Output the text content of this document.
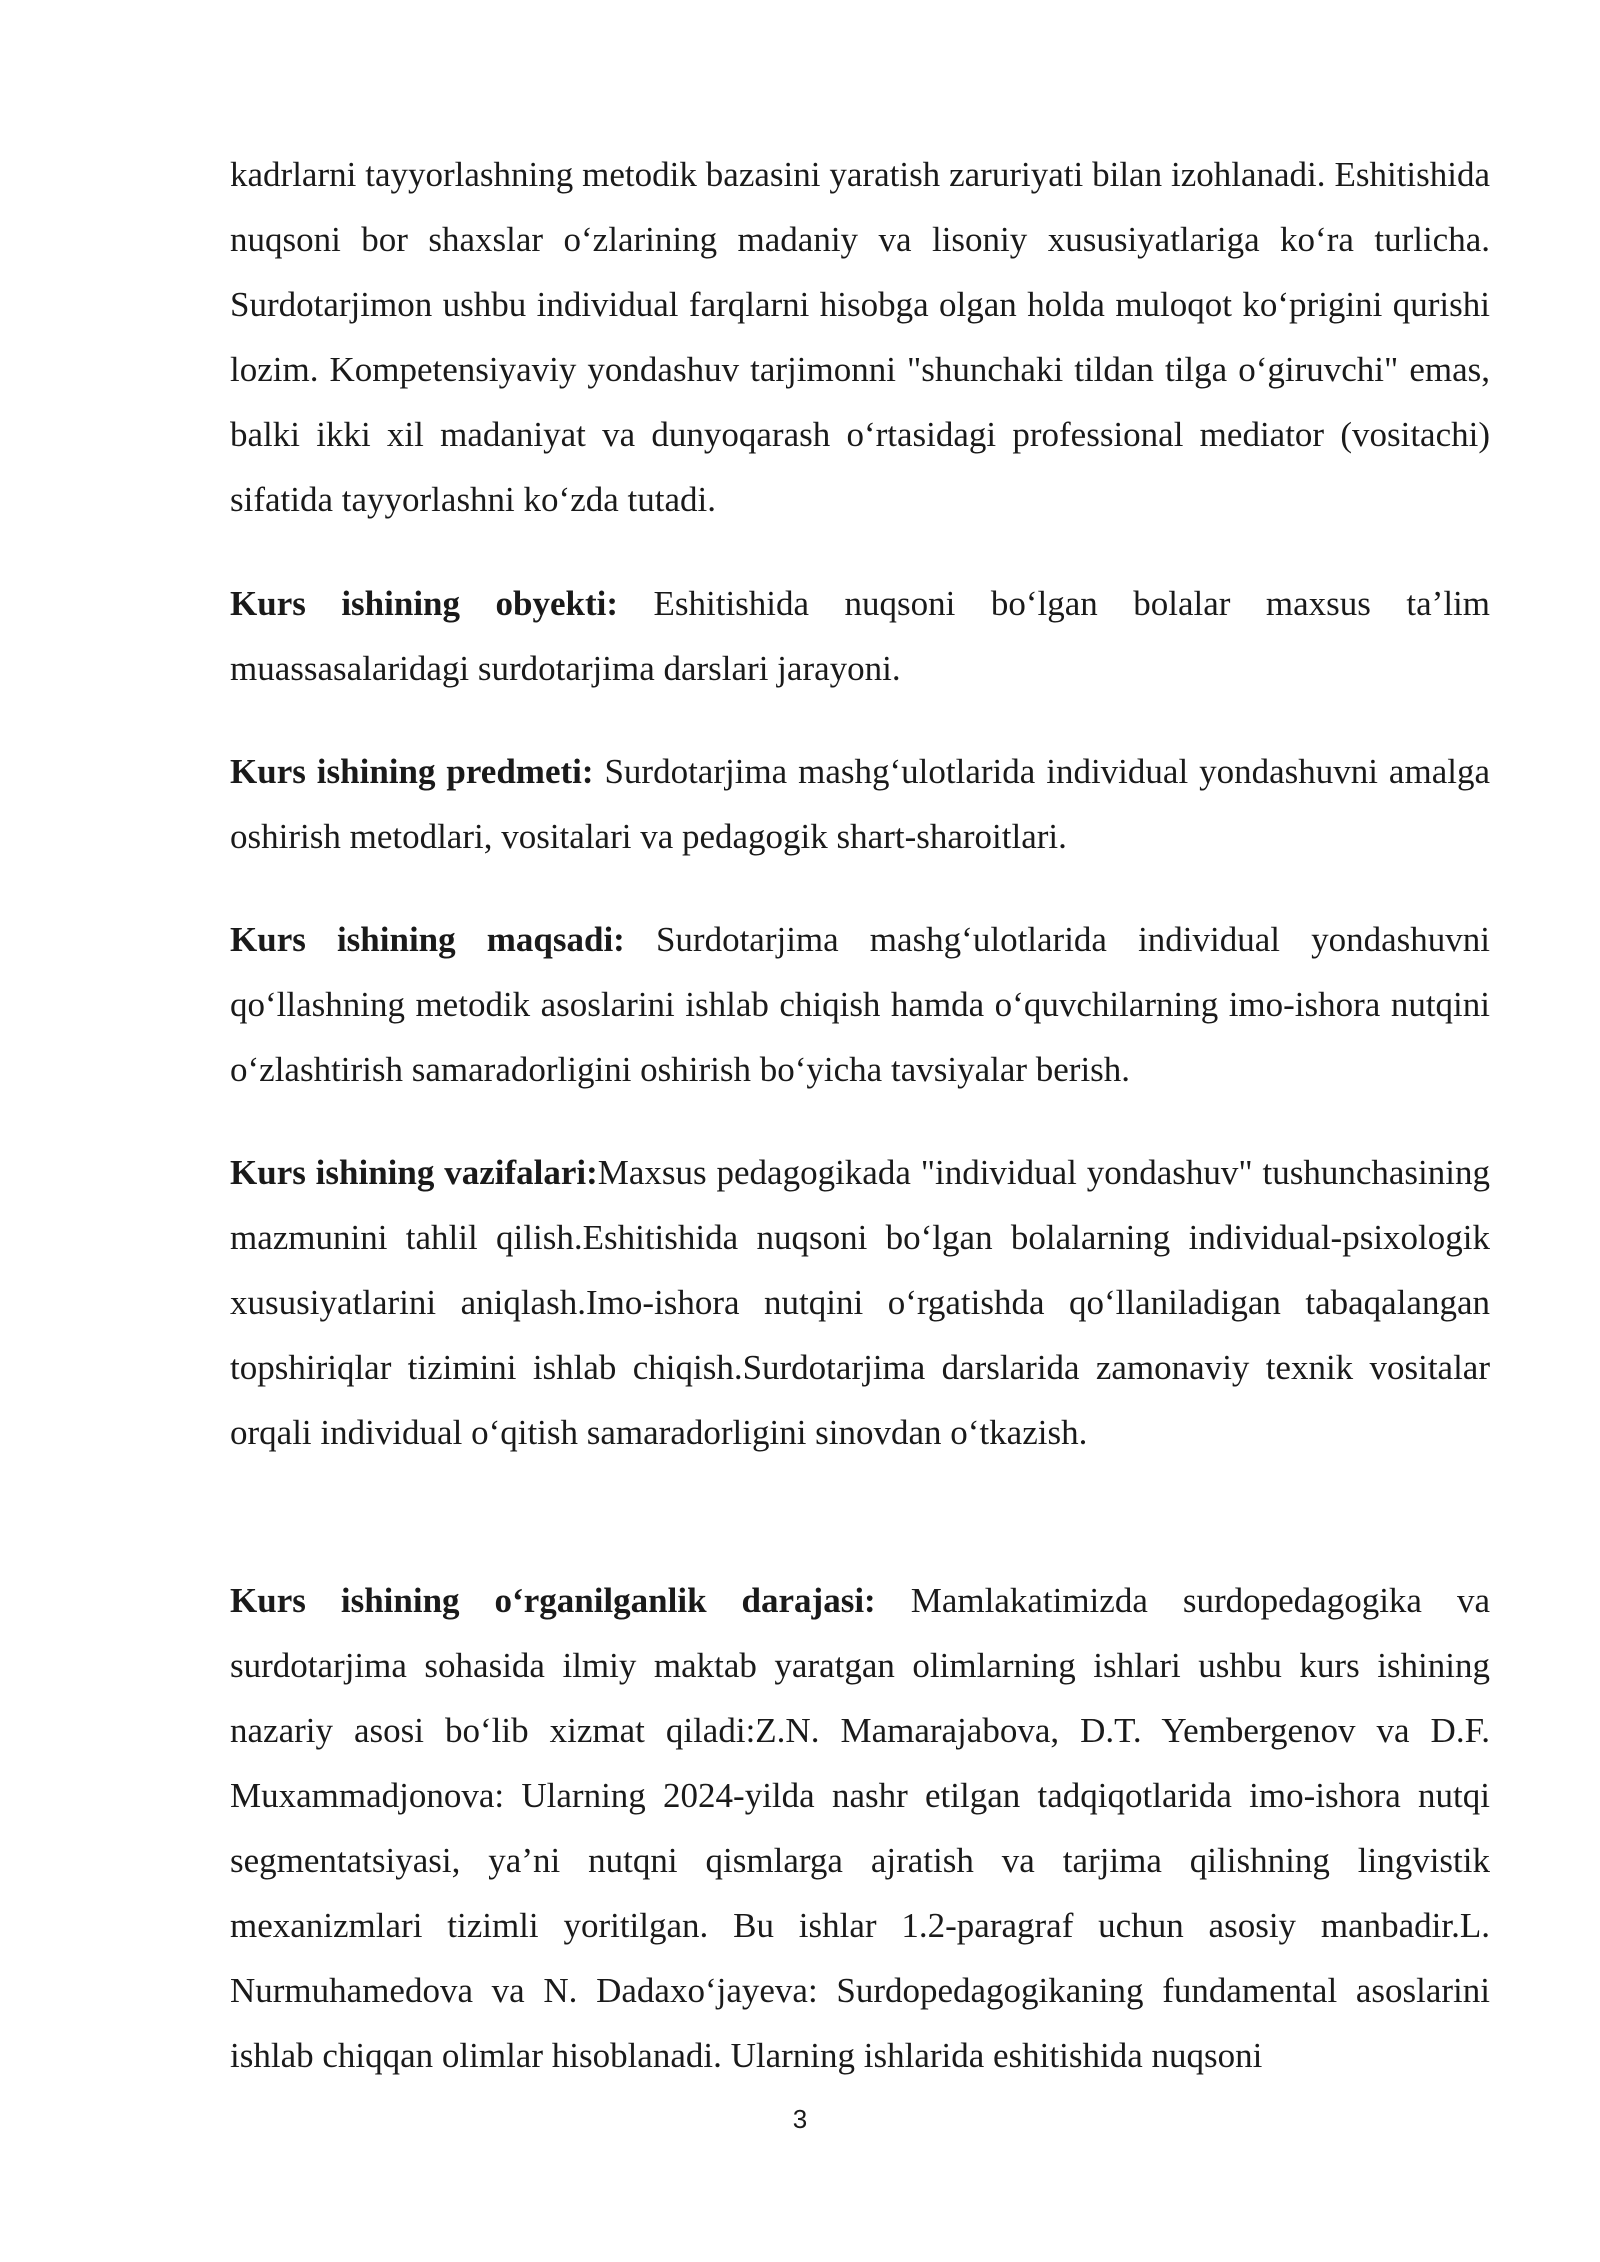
kadrlarni tayyorlashning metodik bazasini yaratish zaruriyati bilan izohlanadi. Eshitishida nuqsoni bor shaxslar o‘zlarining madaniy va lisoniy xususiyatlariga ko‘ra turlicha. Surdotarjimon ushbu individual farqlarni hisobga olgan holda muloqot ko‘prigini qurishi lozim. Kompetensiyaviy yondashuv tarjimonni "shunchaki tildan tilga o‘giruvchi" emas, balki ikki xil madaniyat va dunyoqarash o‘rtasidagi professional mediator (vositachi) sifatida tayyorlashni ko‘zda tutadi.

Kurs ishining obyekti: Eshitishida nuqsoni bo‘lgan bolalar maxsus ta’lim muassasalaridagi surdotarjima darslari jarayoni.

Kurs ishining predmeti: Surdotarjima mashg‘ulotlarida individual yondashuvni amalga oshirish metodlari, vositalari va pedagogik shart-sharoitlari.

Kurs ishining maqsadi: Surdotarjima mashg‘ulotlarida individual yondashuvni qo‘llashning metodik asoslarini ishlab chiqish hamda o‘quvchilarning imo-ishora nutqini o‘zlashtirish samaradorligini oshirish bo‘yicha tavsiyalar berish.

Kurs ishining vazifalari:Maxsus pedagogikada "individual yondashuv" tushunchasining mazmunini tahlil qilish.Eshitishida nuqsoni bo‘lgan bolalarning individual-psixologik xususiyatlarini aniqlash.Imo-ishora nutqini o‘rgatishda qo‘llaniladigan tabaqalangan topshiriqlar tizimini ishlab chiqish.Surdotarjima darslarida zamonaviy texnik vositalar orqali individual o‘qitish samaradorligini sinovdan o‘tkazish.

Kurs ishining o‘rganilganlik darajasi: Mamlakatimizda surdopedagogika va surdotarjima sohasida ilmiy maktab yaratgan olimlarning ishlari ushbu kurs ishining nazariy asosi bo‘lib xizmat qiladi:Z.N. Mamarajabova, D.T. Yembergenov va D.F. Muxammadjonova: Ularning 2024-yilda nashr etilgan tadqiqotlarida imo-ishora nutqi segmentatsiyasi, ya’ni nutqni qismlarga ajratish va tarjima qilishning lingvistik mexanizmlari tizimli yoritilgan. Bu ishlar 1.2-paragraf uchun asosiy manbadir.L. Nurmuhamedova va N. Dadaxo‘jayeva: Surdopedagogikaning fundamental asoslarini ishlab chiqqan olimlar hisoblanadi. Ularning ishlarida eshitishida nuqsoni

3
